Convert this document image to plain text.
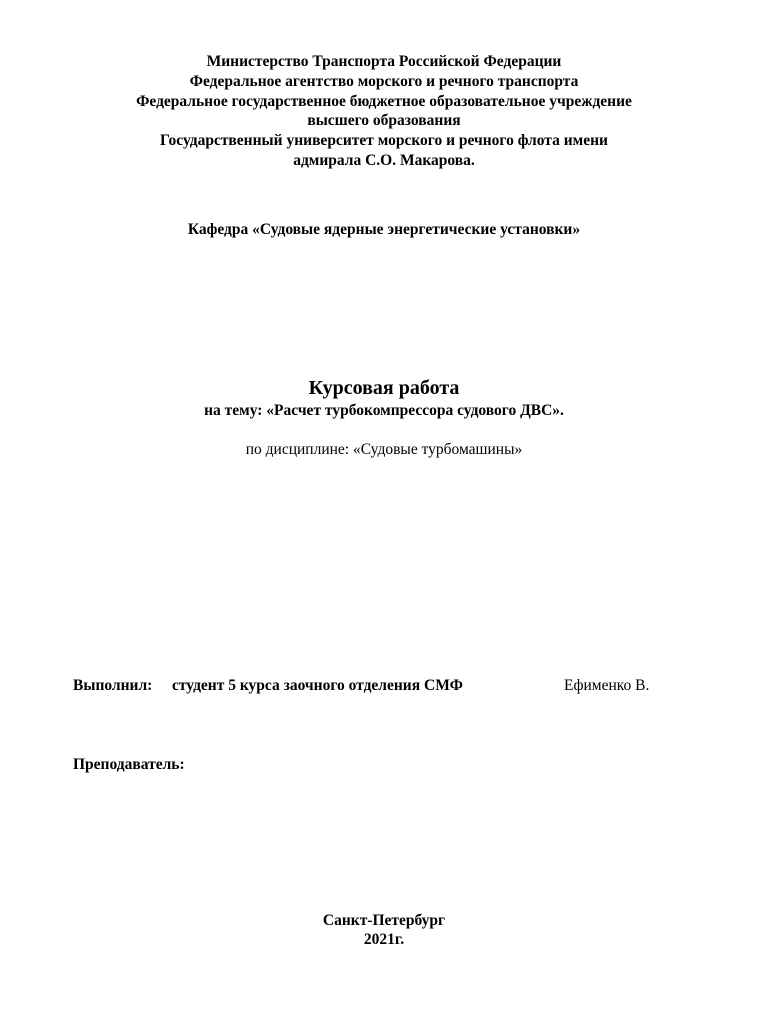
Министерство Транспорта Российской Федерации
Федеральное агентство морского и речного транспорта
Федеральное государственное бюджетное образовательное учреждение
высшего образования
Государственный университет морского и речного флота имени
адмирала С.О. Макарова.
Кафедра «Судовые ядерные энергетические установки»
Курсовая работа
на тему: «Расчет турбокомпрессора судового ДВС».
по дисциплине: «Судовые турбомашины»
Выполнил: студент 5 курса заочного отделения СМФ	Ефименко В.
Преподаватель:
Санкт-Петербург
2021г.
